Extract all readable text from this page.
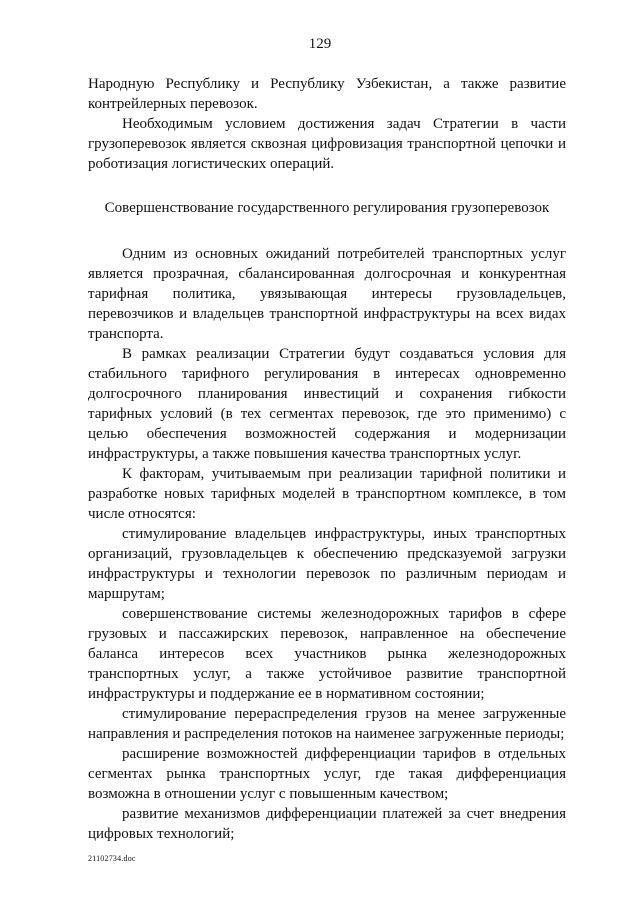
129

Народную Республику и Республику Узбекистан, а также развитие контрейлерных перевозок.

Необходимым условием достижения задач Стратегии в части грузоперевозок является сквозная цифровизация транспортной цепочки и роботизация логистических операций.

Совершенствование государственного регулирования грузоперевозок

Одним из основных ожиданий потребителей транспортных услуг является прозрачная, сбалансированная долгосрочная и конкурентная тарифная политика, увязывающая интересы грузовладельцев, перевозчиков и владельцев транспортной инфраструктуры на всех видах транспорта.

В рамках реализации Стратегии будут создаваться условия для стабильного тарифного регулирования в интересах одновременно долгосрочного планирования инвестиций и сохранения гибкости тарифных условий (в тех сегментах перевозок, где это применимо) с целью обеспечения возможностей содержания и модернизации инфраструктуры, а также повышения качества транспортных услуг.

К факторам, учитываемым при реализации тарифной политики и разработке новых тарифных моделей в транспортном комплексе, в том числе относятся:

стимулирование владельцев инфраструктуры, иных транспортных организаций, грузовладельцев к обеспечению предсказуемой загрузки инфраструктуры и технологии перевозок по различным периодам и маршрутам;

совершенствование системы железнодорожных тарифов в сфере грузовых и пассажирских перевозок, направленное на обеспечение баланса интересов всех участников рынка железнодорожных транспортных услуг, а также устойчивое развитие транспортной инфраструктуры и поддержание ее в нормативном состоянии;

стимулирование перераспределения грузов на менее загруженные направления и распределения потоков на наименее загруженные периоды;

расширение возможностей дифференциации тарифов в отдельных сегментах рынка транспортных услуг, где такая дифференциация возможна в отношении услуг с повышенным качеством;

развитие механизмов дифференциации платежей за счет внедрения цифровых технологий;

21102734.doc
